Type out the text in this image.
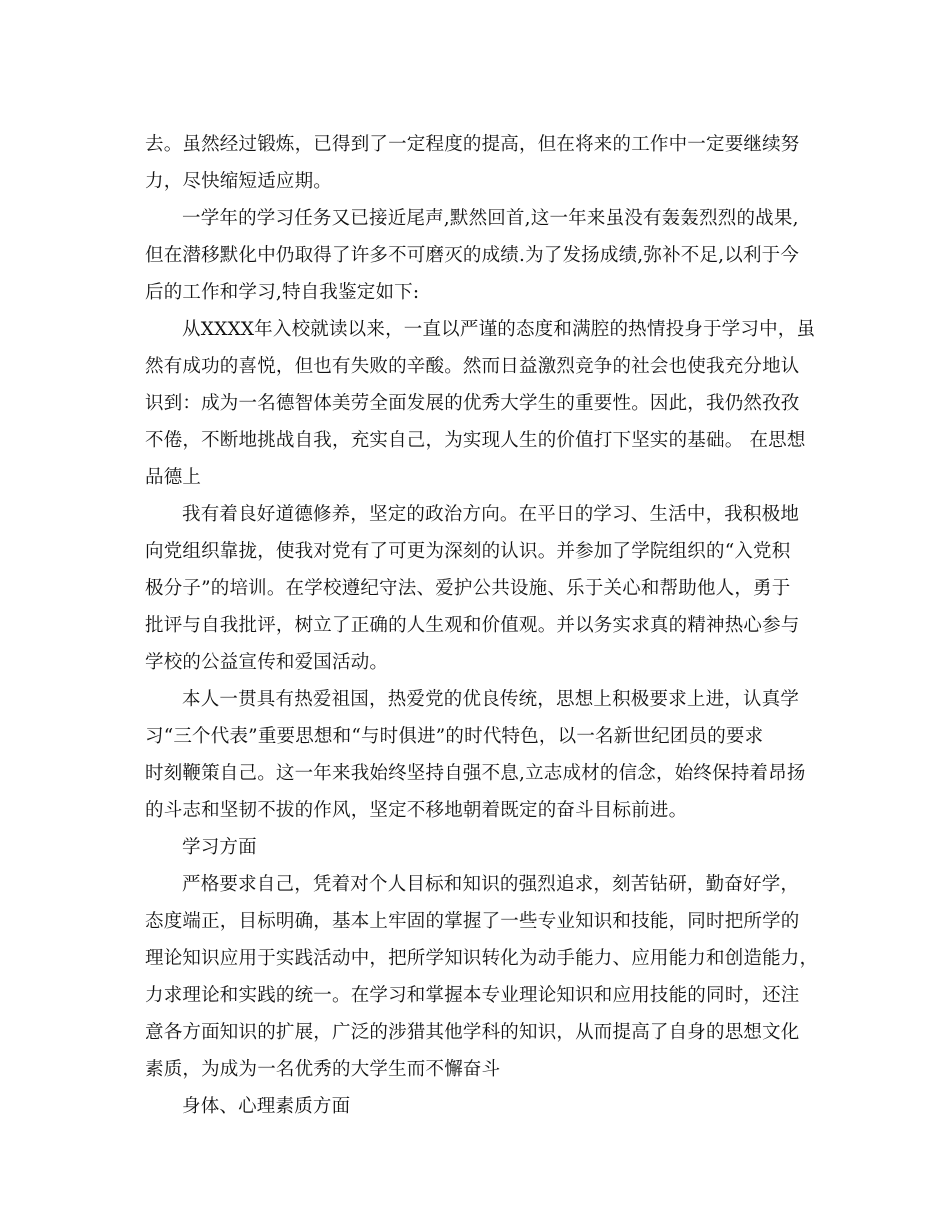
去。虽然经过锻炼，已得到了一定程度的提高，但在将来的工作中一定要继续努
力，尽快缩短适应期。
一学年的学习任务又已接近尾声,默然回首,这一年来虽没有轰轰烈烈的战果,
但在潜移默化中仍取得了许多不可磨灭的成绩.为了发扬成绩,弥补不足,以利于今
后的工作和学习,特自我鉴定如下:
从XXXX年入校就读以来，一直以严谨的态度和满腔的热情投身于学习中，虽
然有成功的喜悦，但也有失败的辛酸。然而日益激烈竞争的社会也使我充分地认
识到：成为一名德智体美劳全面发展的优秀大学生的重要性。因此，我仍然孜孜
不倦，不断地挑战自我，充实自己，为实现人生的价值打下坚实的基础。 在思想
品德上
我有着良好道德修养，坚定的政治方向。在平日的学习、生活中，我积极地
向党组织靠拢，使我对党有了可更为深刻的认识。并参加了学院组织的“入党积
极分子”的培训。在学校遵纪守法、爱护公共设施、乐于关心和帮助他人，勇于
批评与自我批评，树立了正确的人生观和价值观。并以务实求真的精神热心参与
学校的公益宣传和爱国活动。
本人一贯具有热爱祖国，热爱党的优良传统，思想上积极要求上进，认真学
习“三个代表”重要思想和“与时俱进”的时代特色，以一名新世纪团员的要求
时刻鞭策自己。这一年来我始终坚持自强不息,立志成材的信念，始终保持着昂扬
的斗志和坚韧不拔的作风，坚定不移地朝着既定的奋斗目标前进。
学习方面
严格要求自己，凭着对个人目标和知识的强烈追求，刻苦钻研，勤奋好学，
态度端正，目标明确，基本上牢固的掌握了一些专业知识和技能，同时把所学的
理论知识应用于实践活动中，把所学知识转化为动手能力、应用能力和创造能力，
力求理论和实践的统一。在学习和掌握本专业理论知识和应用技能的同时，还注
意各方面知识的扩展，广泛的涉猎其他学科的知识，从而提高了自身的思想文化
素质，为成为一名优秀的大学生而不懈奋斗
身体、心理素质方面
